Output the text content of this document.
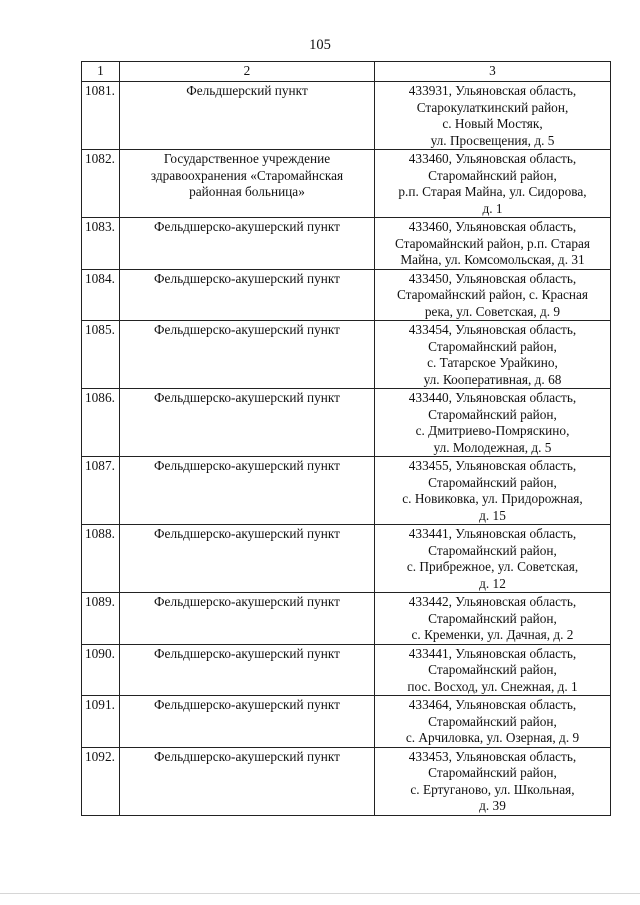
105
1	2	3
1081.	Фельдшерский пункт	433931, Ульяновская область,
Старокулаткинский район,
с. Новый Мостяк,
ул. Просвещения, д. 5

1082.	Государственное учреждение здравоохранения «Старомайнская районная больница»	433460, Ульяновская область,
Старомайнский район,
р.п. Старая Майна, ул. Сидорова,
д. 1

1083.	Фельдшерско-акушерский пункт	433460, Ульяновская область,
Старомайнский район, р.п. Старая
Майна, ул. Комсомольская, д. 31

1084.	Фельдшерско-акушерский пункт	433450, Ульяновская область,
Старомайнский район, с. Красная
река, ул. Советская, д. 9

1085.	Фельдшерско-акушерский пункт	433454, Ульяновская область,
Старомайнский район,
с. Татарское Урайкино,
ул. Кооперативная, д. 68

1086.	Фельдшерско-акушерский пункт	433440, Ульяновская область,
Старомайнский район,
с. Дмитриево-Помряскино,
ул. Молодежная, д. 5

1087.	Фельдшерско-акушерский пункт	433455, Ульяновская область,
Старомайнский район,
с. Новиковка, ул. Придорожная,
д. 15

1088.	Фельдшерско-акушерский пункт	433441, Ульяновская область,
Старомайнский район,
с. Прибрежное, ул. Советская,
д. 12

1089.	Фельдшерско-акушерский пункт	433442, Ульяновская область,
Старомайнский район,
с. Кременки, ул. Дачная, д. 2

1090.	Фельдшерско-акушерский пункт	433441, Ульяновская область,
Старомайнский район,
пос. Восход, ул. Снежная, д. 1

1091.	Фельдшерско-акушерский пункт	433464, Ульяновская область,
Старомайнский район,
с. Арчиловка, ул. Озерная, д. 9

1092.	Фельдшерско-акушерский пункт	433453, Ульяновская область,
Старомайнский район,
с. Ертуганово, ул. Школьная,
д. 39
